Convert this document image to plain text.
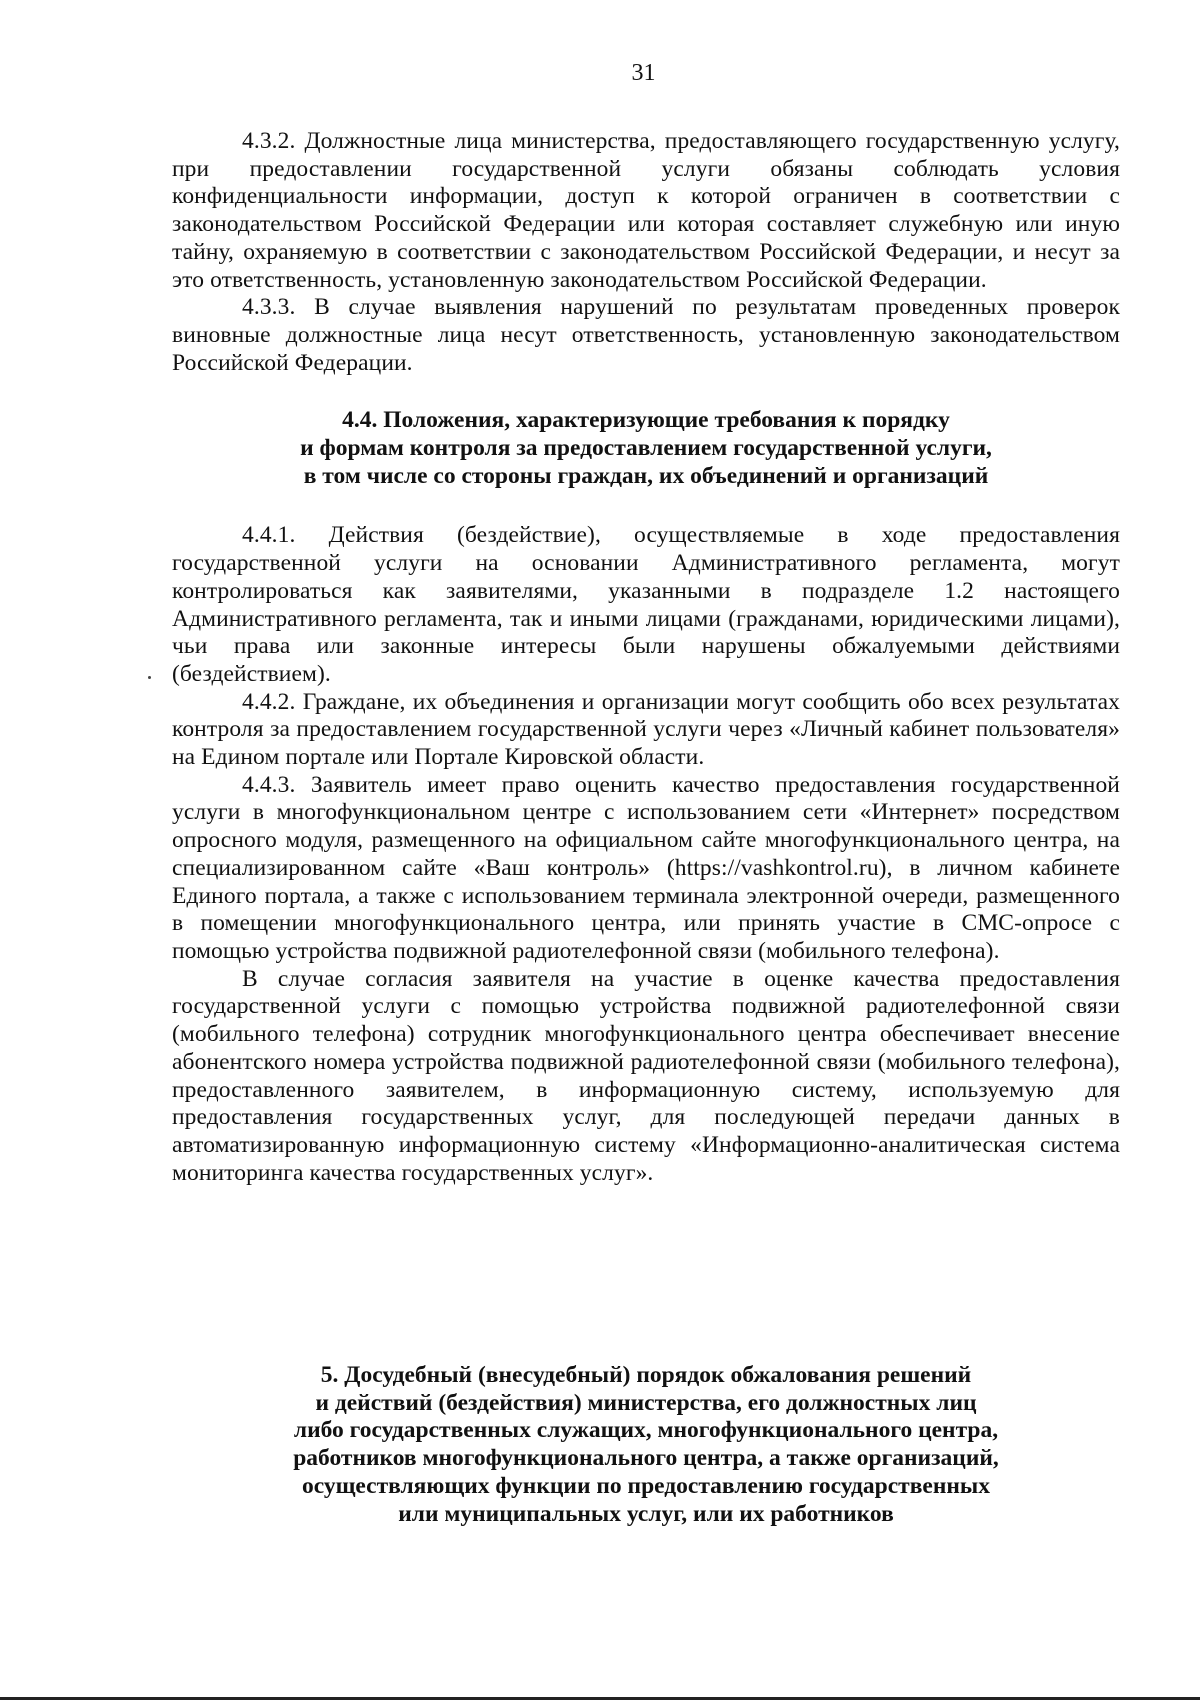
31

4.3.2. Должностные лица министерства, предоставляющего государственную услугу, при предоставлении государственной услуги обязаны соблюдать условия конфиденциальности информации, доступ к которой ограничен в соответствии с законодательством Российской Федерации или которая составляет служебную или иную тайну, охраняемую в соответствии с законодательством Российской Федерации, и несут за это ответственность, установленную законодательством Российской Федерации.

4.3.3. В случае выявления нарушений по результатам проведенных проверок виновные должностные лица несут ответственность, установленную законодательством Российской Федерации.

4.4. Положения, характеризующие требования к порядку
и формам контроля за предоставлением государственной услуги,
в том числе со стороны граждан, их объединений и организаций

4.4.1. Действия (бездействие), осуществляемые в ходе предоставления государственной услуги на основании Административного регламента, могут контролироваться как заявителями, указанными в подразделе 1.2 настоящего Административного регламента, так и иными лицами (гражданами, юридическими лицами), чьи права или законные интересы были нарушены обжалуемыми действиями (бездействием).

4.4.2. Граждане, их объединения и организации могут сообщить обо всех результатах контроля за предоставлением государственной услуги через «Личный кабинет пользователя» на Едином портале или Портале Кировской области.

4.4.3. Заявитель имеет право оценить качество предоставления государственной услуги в многофункциональном центре с использованием сети «Интернет» посредством опросного модуля, размещенного на официальном сайте многофункционального центра, на специализированном сайте «Ваш контроль» (https://vashkontrol.ru), в личном кабинете Единого портала, а также с использованием терминала электронной очереди, размещенного в помещении многофункционального центра, или принять участие в СМС-опросе с помощью устройства подвижной радиотелефонной связи (мобильного телефона).

В случае согласия заявителя на участие в оценке качества предоставления государственной услуги с помощью устройства подвижной радиотелефонной связи (мобильного телефона) сотрудник многофункционального центра обеспечивает внесение абонентского номера устройства подвижной радиотелефонной связи (мобильного телефона), предоставленного заявителем, в информационную систему, используемую для предоставления государственных услуг, для последующей передачи данных в автоматизированную информационную систему «Информационно-аналитическая система мониторинга качества государственных услуг».

5. Досудебный (внесудебный) порядок обжалования решений
и действий (бездействия) министерства, его должностных лиц
либо государственных служащих, многофункционального центра,
работников многофункционального центра, а также организаций,
осуществляющих функции по предоставлению государственных
или муниципальных услуг, или их работников
